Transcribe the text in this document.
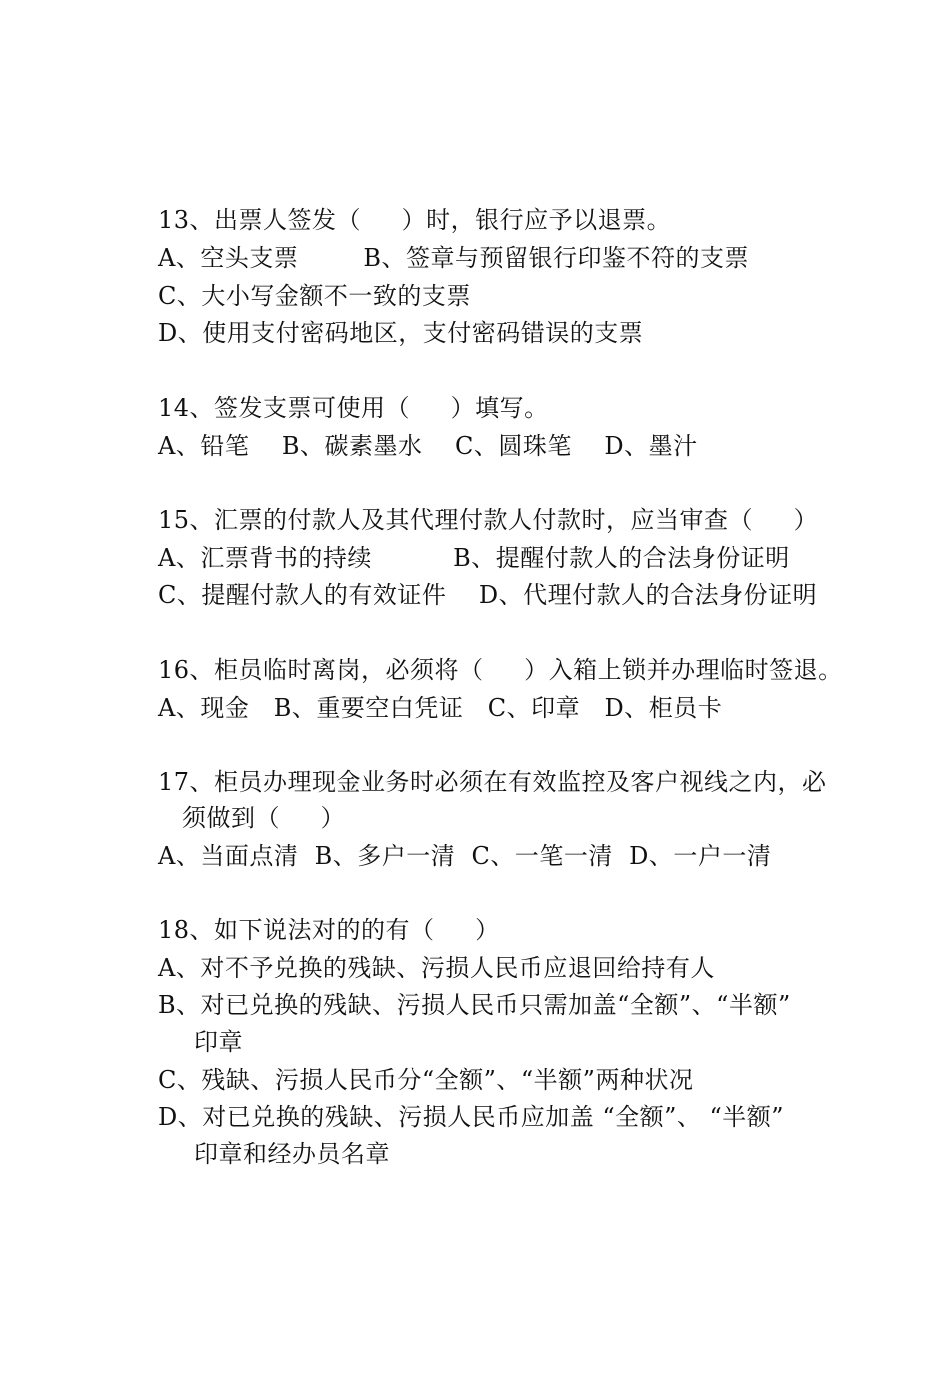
13、出票人签发（     ）时，银行应予以退票。
A、空头支票        B、签章与预留银行印鉴不符的支票
C、大小写金额不一致的支票
D、使用支付密码地区，支付密码错误的支票
14、签发支票可使用（     ）填写。
A、铅笔    B、碳素墨水    C、圆珠笔    D、墨汁
15、汇票的付款人及其代理付款人付款时，应当审查（     ）
A、汇票背书的持续          B、提醒付款人的合法身份证明
C、提醒付款人的有效证件    D、代理付款人的合法身份证明
16、柜员临时离岗，必须将（     ）入箱上锁并办理临时签退。
A、现金   B、重要空白凭证   C、印章   D、柜员卡
17、柜员办理现金业务时必须在有效监控及客户视线之内，必
须做到（     ）
A、当面点清  B、多户一清  C、一笔一清  D、一户一清
18、如下说法对的的有（     ）
A、对不予兑换的残缺、污损人民币应退回给持有人
B、对已兑换的残缺、污损人民币只需加盖“全额”、“半额”
印章
C、残缺、污损人民币分“全额”、“半额”两种状况
D、对已兑换的残缺、污损人民币应加盖 “全额”、 “半额”
印章和经办员名章
